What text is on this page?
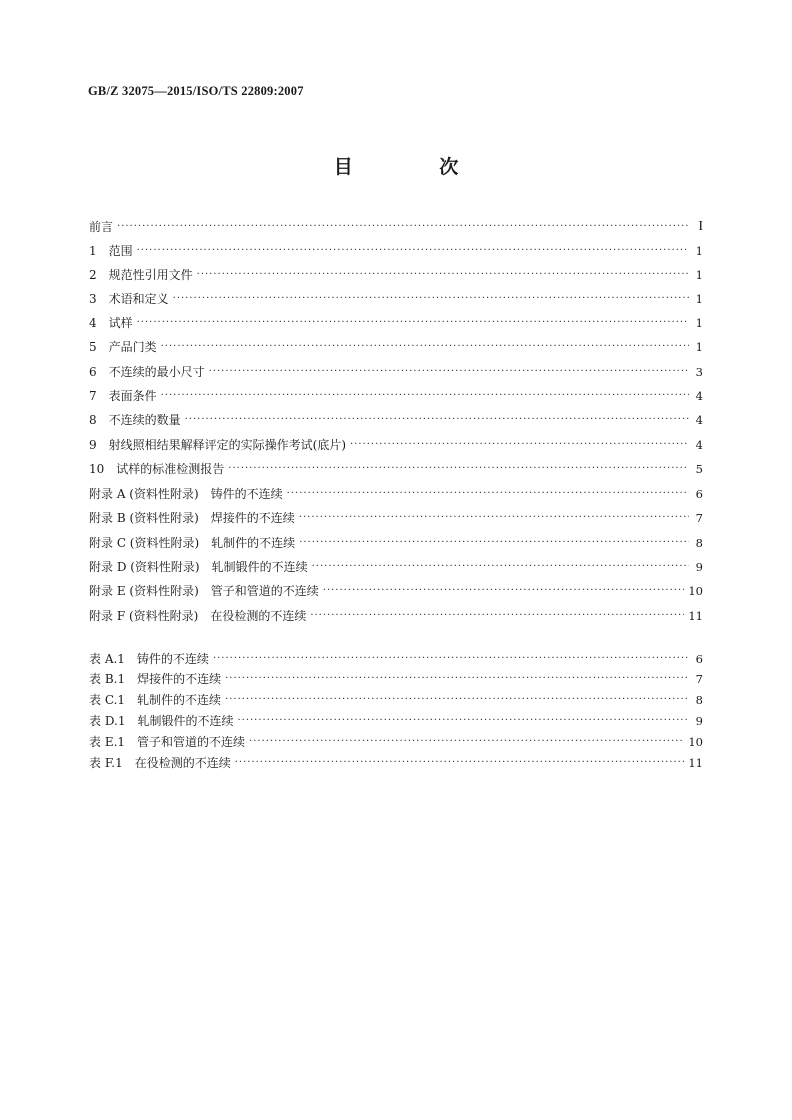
GB/Z 32075—2015/ISO/TS 22809:2007
目 次
前言 ·····	I
1　范围 ·····	1
2　规范性引用文件 ·····	1
3　术语和定义 ·····	1
4　试样 ·····	1
5　产品门类 ·····	1
6　不连续的最小尺寸 ·····	3
7　表面条件 ·····	4
8　不连续的数量 ·····	4
9　射线照相结果解释评定的实际操作考试(底片) ·····	4
10　试样的标准检测报告 ·····	5
附录 A (资料性附录)　铸件的不连续 ·····	6
附录 B (资料性附录)　焊接件的不连续 ·····	7
附录 C (资料性附录)　轧制件的不连续 ·····	8
附录 D (资料性附录)　轧制锻件的不连续 ·····	9
附录 E (资料性附录)　管子和管道的不连续 ·····	10
附录 F (资料性附录)　在役检测的不连续 ·····	11
表 A.1　铸件的不连续 ·····	6
表 B.1　焊接件的不连续 ·····	7
表 C.1　轧制件的不连续 ·····	8
表 D.1　轧制锻件的不连续 ·····	9
表 E.1　管子和管道的不连续 ·····	10
表 F.1　在役检测的不连续 ·····	11
